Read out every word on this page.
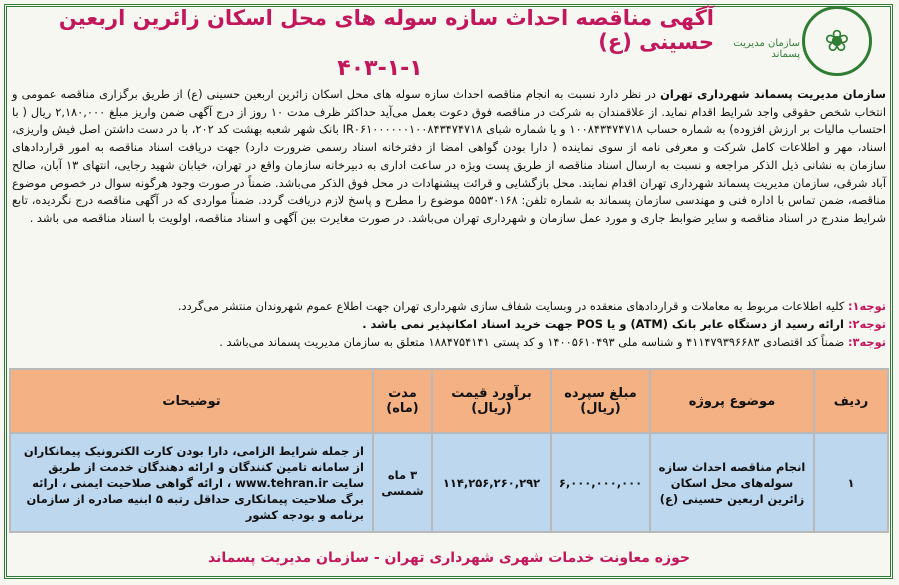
❀
سازمان مدیریت پسماند
آگهی مناقصه احداث سازه سوله های محل اسکان زائرین اربعین حسینی (ع)
۴۰۳-۱-۱
سازمان مدیریت پسماند شهرداری تهران در نظر دارد نسبت به انجام مناقصه احداث سازه سوله های محل اسکان زائرین اربعین حسینی (ع) از طریق برگزاری مناقصه عمومی و انتخاب شخص حقوقی واجد شرایط اقدام نماید. از علاقمندان به شرکت در مناقصه فوق دعوت بعمل می‌آید حداکثر ظرف مدت ۱۰ روز از درج آگهی ضمن واریز مبلغ ۲,۱۸۰,۰۰۰ ریال ( با احتساب مالیات بر ارزش افزوده) به شماره حساب ۱۰۰۸۴۳۴۷۴۷۱۸ و یا شماره شبای IR۰۶۱۰۰۰۰۰۰۱۰۰۸۴۳۴۷۴۷۱۸ بانک شهر شعبه بهشت کد ۲۰۲، با در دست داشتن اصل فیش واریزی، اسناد، مهر و اطلاعات کامل شرکت و معرفی نامه از سوی نماینده ( دارا بودن گواهی امضا از دفترخانه اسناد رسمی ضرورت دارد) جهت دریافت اسناد مناقصه به امور قراردادهای سازمان به نشانی ذیل الذکر مراجعه و نسبت به ارسال اسناد مناقصه از طریق پست ویژه در ساعت اداری به دبیرخانه سازمان واقع در تهران، خیابان شهید رجایی، انتهای ۱۳ آبان، صالح آباد شرقی، سازمان مدیریت پسماند شهرداری تهران اقدام نمایند. محل بازگشایی و قرائت پیشنهادات در محل فوق الذکر می‌باشد. ضمناً در صورت وجود هرگونه سوال در خصوص موضوع مناقصه، ضمن تماس با اداره فنی و مهندسی سازمان پسماند به شماره تلفن: ۵۵۵۳۰۱۶۸ موضوع را مطرح و پاسخ لازم دریافت گردد. ضمناً مواردی که در آگهی مناقصه درج نگردیده، تابع شرایط مندرج در اسناد مناقصه و سایر ضوابط جاری و مورد عمل سازمان و شهرداری تهران می‌باشد. در صورت مغایرت بین آگهی و اسناد مناقصه، اولویت با اسناد مناقصه می باشد .
توجه۱: کلیه اطلاعات مربوط به معاملات و قراردادهای منعقده در وبسایت شفاف سازی شهرداری تهران جهت اطلاع عموم شهروندان منتشر می‌گردد.
توجه۲: ارائه رسید از دستگاه عابر بانک (ATM) و یا POS جهت خرید اسناد امکانپذیر نمی باشد .
توجه۳: ضمناً کد اقتصادی ۴۱۱۴۷۹۳۹۶۶۸۳ و شناسه ملی ۱۴۰۰۵۶۱۰۴۹۳ و کد پستی ۱۸۸۴۷۵۴۱۴۱ متعلق به سازمان مدیریت پسماند می‌باشد .
ردیف	موضوع پروژه	مبلغ سپرده (ریال)	برآورد قیمت (ریال)	مدت (ماه)	توضیحات
۱	انجام مناقصه احداث سازه سوله‌های محل اسکان زائرین اربعین حسینی (ع)	۶,۰۰۰,۰۰۰,۰۰۰	۱۱۴,۲۵۶,۲۶۰,۲۹۲	۳ ماه شمسی	از جمله شرایط الزامی، دارا بودن کارت الکترونیک پیمانکاران از سامانه تامین کنندگان و ارائه دهندگان خدمت از طریق سایت www.tehran.ir ، ارائه گواهی صلاحیت ایمنی ، ارائه برگ صلاحیت پیمانکاری حداقل رتبه ۵ ابنیه صادره از سازمان برنامه و بودجه کشور
حوزه معاونت خدمات شهری شهرداری تهران - سازمان مدیریت پسماند
